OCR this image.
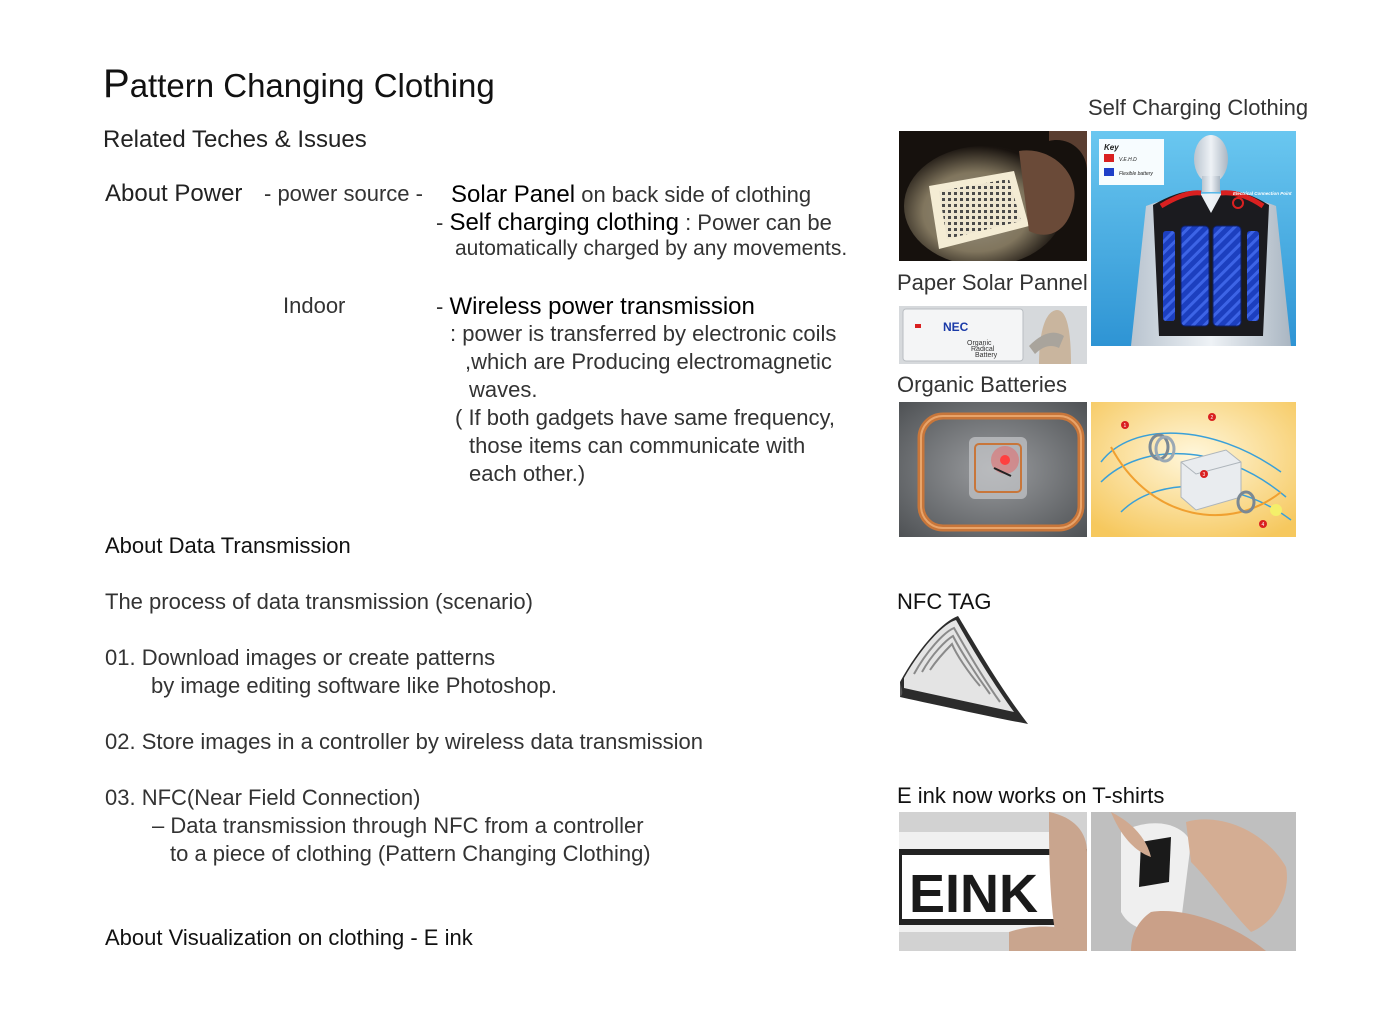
Pattern Changing Clothing
Related Teches & Issues
About Power - power source - Solar Panel on back side of clothing
- Self charging clothing : Power can be
automatically charged by any movements.
Indoor	- Wireless power transmission
: power is transferred by electronic coils
,which are Producing electromagnetic
waves.
( If both gadgets have same frequency,
those items can communicate with
each other.)
About Data Transmission
The process of data transmission (scenario)
01. Download images or create patterns
by image editing software like Photoshop.
02. Store images in a controller by wireless data transmission
03. NFC(Near Field Connection)
– Data transmission through NFC from a controller
to a piece of clothing (Pattern Changing Clothing)
About Visualization on clothing - E ink
Self Charging Clothing
Key
V.E.H.D
Flexible battery
Electrical Connection Point
Paper Solar Pannel
NEC
Organic
Radical
Battery
Organic Batteries
1
2
3
4
NFC TAG
E ink now works on T-shirts
EINK
